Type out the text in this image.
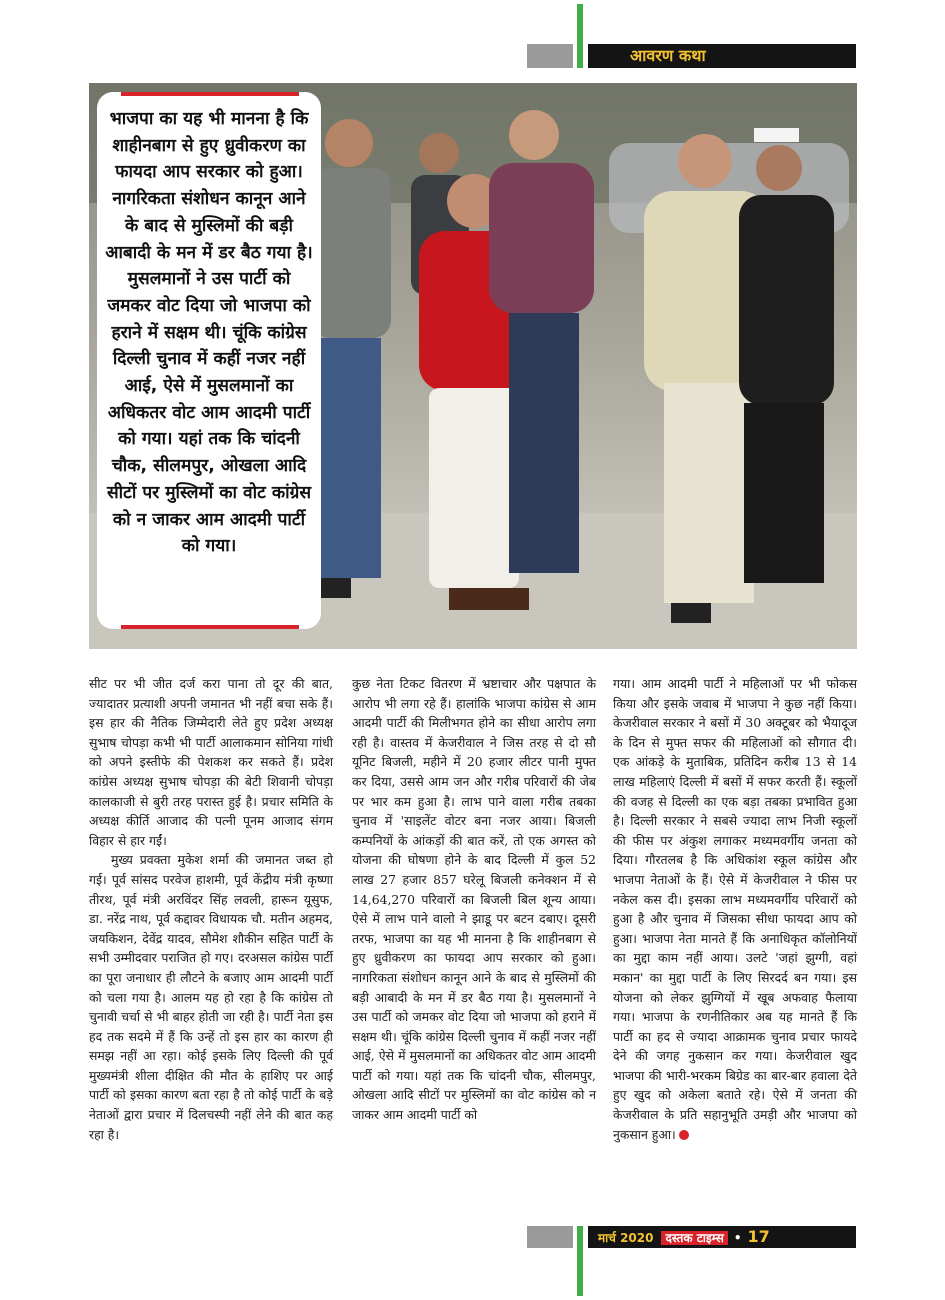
आवरण कथा

भाजपा का यह भी मानना है कि शाहीनबाग से हुए ध्रुवीकरण का फायदा आप सरकार को हुआ। नागरिकता संशोधन कानून आने के बाद से मुस्लिमों की बड़ी आबादी के मन में डर बैठ गया है। मुसलमानों ने उस पार्टी को जमकर वोट दिया जो भाजपा को हराने में सक्षम थी। चूंकि कांग्रेस दिल्ली चुनाव में कहीं नजर नहीं आई, ऐसे में मुसलमानों का अधिकतर वोट आम आदमी पार्टी को गया। यहां तक कि चांदनी चौक, सीलमपुर, ओखला आदि सीटों पर मुस्लिमों का वोट कांग्रेस को न जाकर आम आदमी पार्टी को गया।

सीट पर भी जीत दर्ज करा पाना तो दूर की बात, ज्यादातर प्रत्याशी अपनी जमानत भी नहीं बचा सके हैं। इस हार की नैतिक जिम्मेदारी लेते हुए प्रदेश अध्यक्ष सुभाष चोपड़ा कभी भी पार्टी आलाकमान सोनिया गांधी को अपने इस्तीफे की पेशकश कर सकते हैं। प्रदेश कांग्रेस अध्यक्ष सुभाष चोपड़ा की बेटी शिवानी चोपड़ा कालकाजी से बुरी तरह परास्त हुई है। प्रचार समिति के अध्यक्ष कीर्ति आजाद की पत्नी पूनम आजाद संगम विहार से हार गईं।

मुख्य प्रवक्ता मुकेश शर्मा की जमानत जब्त हो गई। पूर्व सांसद परवेज हाशमी, पूर्व केंद्रीय मंत्री कृष्णा तीरथ, पूर्व मंत्री अरविंदर सिंह लवली, हारून यूसुफ, डा. नरेंद्र नाथ, पूर्व कद्दावर विधायक चौ. मतीन अहमद, जयकिशन, देवेंद्र यादव, सौमेश शौकीन सहित पार्टी के सभी उम्मीदवार पराजित हो गए। दरअसल कांग्रेस पार्टी का पूरा जनाधार ही लौटने के बजाए आम आदमी पार्टी को चला गया है। आलम यह हो रहा है कि कांग्रेस तो चुनावी चर्चा से भी बाहर होती जा रही है। पार्टी नेता इस हद तक सदमे में हैं कि उन्हें तो इस हार का कारण ही समझ नहीं आ रहा। कोई इसके लिए दिल्ली की पूर्व मुख्यमंत्री शीला दीक्षित की मौत के हाशिए पर आई पार्टी को इसका कारण बता रहा है तो कोई पार्टी के बड़े नेताओं द्वारा प्रचार में दिलचस्पी नहीं लेने की बात कह रहा है।

कुछ नेता टिकट वितरण में भ्रष्टाचार और पक्षपात के आरोप भी लगा रहे हैं। हालांकि भाजपा कांग्रेस से आम आदमी पार्टी की मिलीभगत होने का सीधा आरोप लगा रही है। वास्तव में केजरीवाल ने जिस तरह से दो सौ यूनिट बिजली, महीने में 20 हजार लीटर पानी मुफ्त कर दिया, उससे आम जन और गरीब परिवारों की जेब पर भार कम हुआ है। लाभ पाने वाला गरीब तबका चुनाव में 'साइलेंट वोटर बना नजर आया। बिजली कम्पनियों के आंकड़ों की बात करें, तो एक अगस्त को योजना की घोषणा होने के बाद दिल्ली में कुल 52 लाख 27 हजार 857 घरेलू बिजली कनेक्शन में से 14,64,270 परिवारों का बिजली बिल शून्य आया। ऐसे में लाभ पाने वालो ने झाडू पर बटन दबाए। दूसरी तरफ, भाजपा का यह भी मानना है कि शाहीनबाग से हुए ध्रुवीकरण का फायदा आप सरकार को हुआ। नागरिकता संशोधन कानून आने के बाद से मुस्लिमों की बड़ी आबादी के मन में डर बैठ गया है। मुसलमानों ने उस पार्टी को जमकर वोट दिया जो भाजपा को हराने में सक्षम थी। चूंकि कांग्रेस दिल्ली चुनाव में कहीं नजर नहीं आई, ऐसे में मुसलमानों का अधिकतर वोट आम आदमी पार्टी को गया। यहां तक कि चांदनी चौक, सीलमपुर, ओखला आदि सीटों पर मुस्लिमों का वोट कांग्रेस को न जाकर आम आदमी पार्टी को

गया। आम आदमी पार्टी ने महिलाओं पर भी फोकस किया और इसके जवाब में भाजपा ने कुछ नहीं किया। केजरीवाल सरकार ने बसों में 30 अक्टूबर को भैयादूज के दिन से मुफ्त सफर की महिलाओं को सौगात दी। एक आंकड़े के मुताबिक, प्रतिदिन करीब 13 से 14 लाख महिलाएं दिल्ली में बसों में सफर करती हैं। स्कूलों की वजह से दिल्ली का एक बड़ा तबका प्रभावित हुआ है। दिल्ली सरकार ने सबसे ज्यादा लाभ निजी स्कूलों की फीस पर अंकुश लगाकर मध्यमवर्गीय जनता को दिया। गौरतलब है कि अधिकांश स्कूल कांग्रेस और भाजपा नेताओं के हैं। ऐसे में केजरीवाल ने फीस पर नकेल कस दी। इसका लाभ मध्यमवर्गीय परिवारों को हुआ है और चुनाव में जिसका सीधा फायदा आप को हुआ। भाजपा नेता मानते हैं कि अनाधिकृत कॉलोनियों का मुद्दा काम नहीं आया। उलटे 'जहां झुग्गी, वहां मकान' का मुद्दा पार्टी के लिए सिरदर्द बन गया। इस योजना को लेकर झुग्गियों में खूब अफवाह फैलाया गया। भाजपा के रणनीतिकार अब यह मानते हैं कि पार्टी का हद से ज्यादा आक्रामक चुनाव प्रचार फायदे देने की जगह नुकसान कर गया। केजरीवाल खुद भाजपा की भारी-भरकम बिग्रेड का बार-बार हवाला देते हुए खुद को अकेला बताते रहे। ऐसे में जनता की केजरीवाल के प्रति सहानुभूति उमड़ी और भाजपा को नुकसान हुआ।

मार्च 2020 दस्तक टाइम्स • 17
